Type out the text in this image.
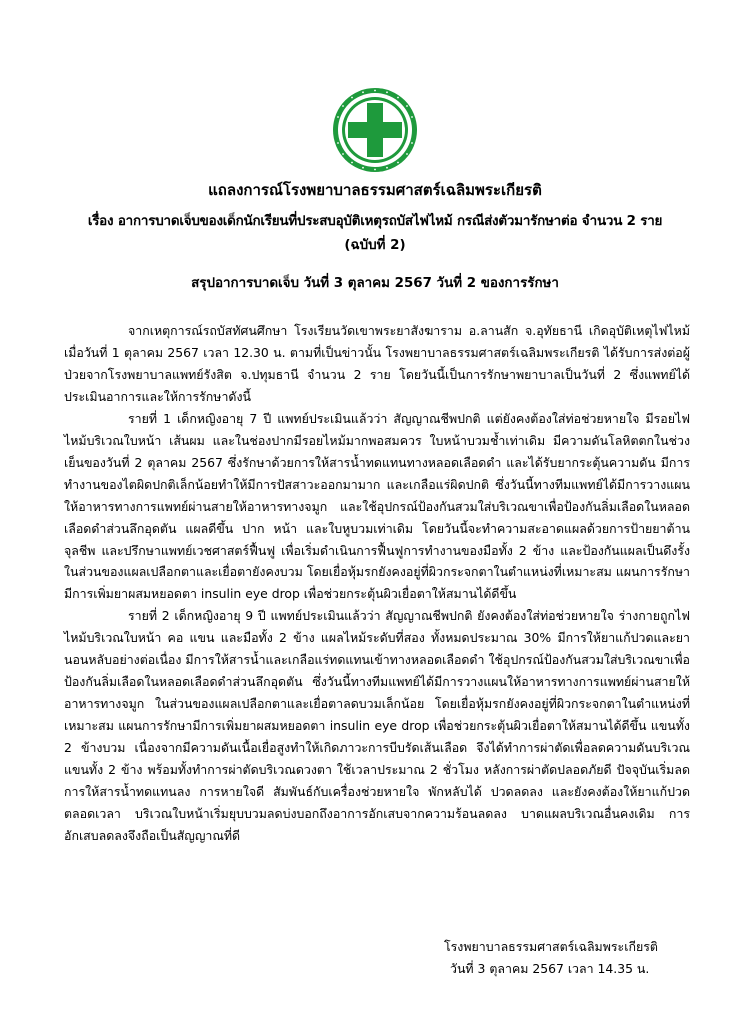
แถลงการณ์โรงพยาบาลธรรมศาสตร์เฉลิมพระเกียรติ
เรื่อง อาการบาดเจ็บของเด็กนักเรียนที่ประสบอุบัติเหตุรถบัสไฟไหม้ กรณีส่งตัวมารักษาต่อ จำนวน 2 ราย
(ฉบับที่ 2)
สรุปอาการบาดเจ็บ วันที่ 3 ตุลาคม 2567 วันที่ 2 ของการรักษา

จากเหตุการณ์รถบัสทัศนศึกษา โรงเรียนวัดเขาพระยาสังฆาราม อ.ลานสัก จ.อุทัยธานี เกิดอุบัติเหตุไฟไหม้ เมื่อวันที่ 1 ตุลาคม 2567 เวลา 12.30 น. ตามที่เป็นข่าวนั้น โรงพยาบาลธรรมศาสตร์เฉลิมพระเกียรติ ได้รับการส่งต่อผู้ป่วยจากโรงพยาบาลแพทย์รังสิต จ.ปทุมธานี จำนวน 2 ราย โดยวันนี้เป็นการรักษาพยาบาลเป็นวันที่ 2 ซึ่งแพทย์ได้ประเมินอาการและให้การรักษาดังนี้

รายที่ 1 เด็กหญิงอายุ 7 ปี แพทย์ประเมินแล้วว่า สัญญาณชีพปกติ แต่ยังคงต้องใส่ท่อช่วยหายใจ มีรอยไฟไหม้บริเวณใบหน้า เส้นผม และในช่องปากมีรอยไหม้มากพอสมควร ใบหน้าบวมช้ำเท่าเดิม มีความดันโลหิตตกในช่วงเย็นของวันที่ 2 ตุลาคม 2567 ซึ่งรักษาด้วยการให้สารน้ำทดแทนทางหลอดเลือดดำ และได้รับยากระตุ้นความดัน มีการทำงานของไตผิดปกติเล็กน้อยทำให้มีการปัสสาวะออกมามาก และเกลือแร่ผิดปกติ ซึ่งวันนี้ทางทีมแพทย์ได้มีการวางแผนให้อาหารทางการแพทย์ผ่านสายให้อาหารทางจมูก และใช้อุปกรณ์ป้องกันสวมใส่บริเวณขาเพื่อป้องกันลิ่มเลือดในหลอดเลือดดำส่วนลึกอุดตัน แผลดีขึ้น ปาก หน้า และใบหูบวมเท่าเดิม โดยวันนี้จะทำความสะอาดแผลด้วยการป้ายยาต้านจุลชีพ และปรึกษาแพทย์เวชศาสตร์ฟื้นฟู เพื่อเริ่มดำเนินการฟื้นฟูการทำงานของมือทั้ง 2 ข้าง และป้องกันแผลเป็นดึงรั้ง ในส่วนของแผลเปลือกตาและเยื่อตายังคงบวม โดยเยื่อหุ้มรกยังคงอยู่ที่ผิวกระจกตาในตำแหน่งที่เหมาะสม แผนการรักษามีการเพิ่มยาผสมหยอดตา insulin eye drop เพื่อช่วยกระตุ้นผิวเยื่อตาให้สมานได้ดีขึ้น

รายที่ 2 เด็กหญิงอายุ 9 ปี แพทย์ประเมินแล้วว่า สัญญาณชีพปกติ ยังคงต้องใส่ท่อช่วยหายใจ ร่างกายถูกไฟไหม้บริเวณใบหน้า คอ แขน และมือทั้ง 2 ข้าง แผลไหม้ระดับที่สอง ทั้งหมดประมาณ 30% มีการให้ยาแก้ปวดและยานอนหลับอย่างต่อเนื่อง มีการให้สารน้ำและเกลือแร่ทดแทนเข้าทางหลอดเลือดดำ ใช้อุปกรณ์ป้องกันสวมใส่บริเวณขาเพื่อป้องกันลิ่มเลือดในหลอดเลือดดำส่วนลึกอุดตัน ซึ่งวันนี้ทางทีมแพทย์ได้มีการวางแผนให้อาหารทางการแพทย์ผ่านสายให้อาหารทางจมูก ในส่วนของแผลเปลือกตาและเยื่อตาลดบวมเล็กน้อย โดยเยื่อหุ้มรกยังคงอยู่ที่ผิวกระจกตาในตำแหน่งที่เหมาะสม แผนการรักษามีการเพิ่มยาผสมหยอดตา insulin eye drop เพื่อช่วยกระตุ้นผิวเยื่อตาให้สมานได้ดีขึ้น แขนทั้ง 2 ข้างบวม เนื่องจากมีความดันเนื้อเยื่อสูงทำให้เกิดภาวะการบีบรัดเส้นเลือด จึงได้ทำการผ่าตัดเพื่อลดความดันบริเวณแขนทั้ง 2 ข้าง พร้อมทั้งทำการผ่าตัดบริเวณดวงตา ใช้เวลาประมาณ 2 ชั่วโมง หลังการผ่าตัดปลอดภัยดี ปัจจุบันเริ่มลดการให้สารน้ำทดแทนลง การหายใจดี สัมพันธ์กับเครื่องช่วยหายใจ พักหลับได้ ปวดลดลง และยังคงต้องให้ยาแก้ปวดตลอดเวลา บริเวณใบหน้าเริ่มยุบบวมลดบ่งบอกถึงอาการอักเสบจากความร้อนลดลง บาดแผลบริเวณอื่นคงเดิม การอักเสบลดลงจึงถือเป็นสัญญาณที่ดี

โรงพยาบาลธรรมศาสตร์เฉลิมพระเกียรติ
วันที่ 3 ตุลาคม 2567 เวลา 14.35 น.
